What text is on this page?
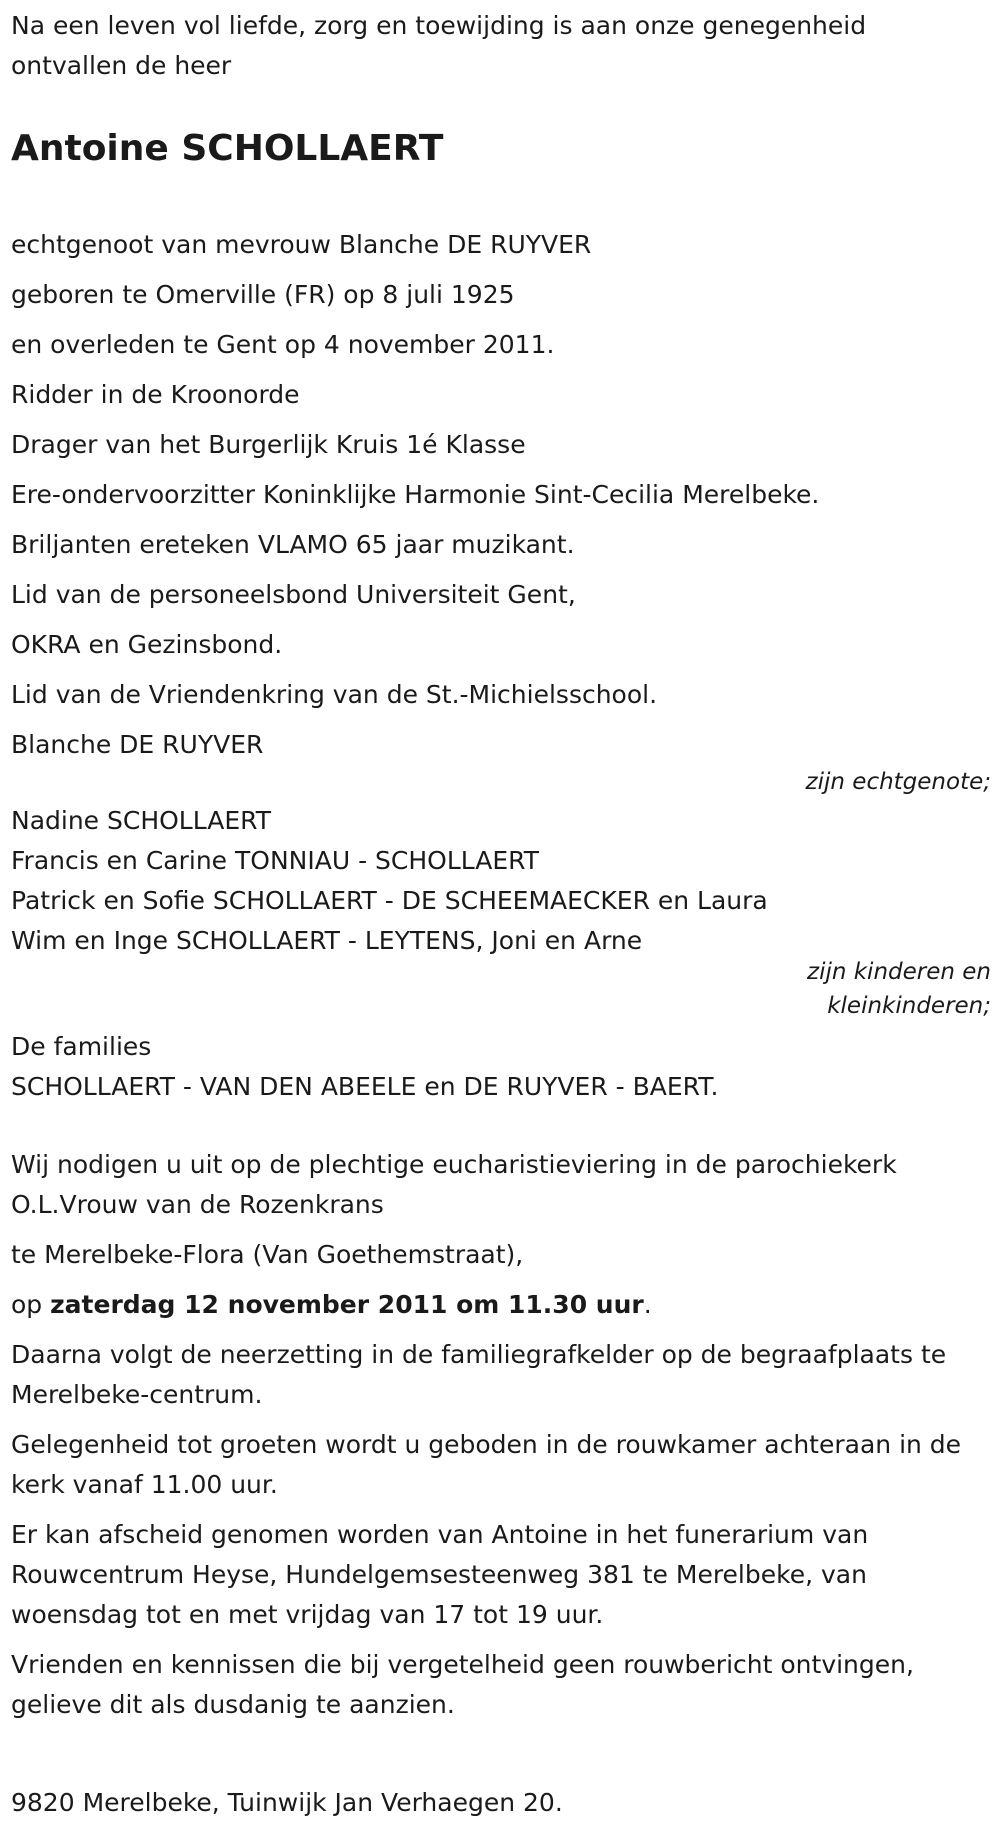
Na een leven vol liefde, zorg en toewijding is aan onze genegenheid ontvallen de heer

Antoine SCHOLLAERT

echtgenoot van mevrouw Blanche DE RUYVER

geboren te Omerville (FR) op 8 juli 1925

en overleden te Gent op 4 november 2011.

Ridder in de Kroonorde

Drager van het Burgerlijk Kruis 1é Klasse

Ere-ondervoorzitter Koninklijke Harmonie Sint-Cecilia Merelbeke.

Briljanten ereteken VLAMO 65 jaar muzikant.

Lid van de personeelsbond Universiteit Gent,

OKRA en Gezinsbond.

Lid van de Vriendenkring van de St.-Michielsschool.

Blanche DE RUYVER

zijn echtgenote;

Nadine SCHOLLAERT

Francis en Carine TONNIAU - SCHOLLAERT

Patrick en Sofie SCHOLLAERT - DE SCHEEMAECKER en Laura

Wim en Inge SCHOLLAERT - LEYTENS, Joni en Arne

zijn kinderen en

kleinkinderen;

De families

SCHOLLAERT - VAN DEN ABEELE en DE RUYVER - BAERT.

Wij nodigen u uit op de plechtige eucharistieviering in de parochiekerk O.L.Vrouw van de Rozenkrans

te Merelbeke-Flora (Van Goethemstraat),

op zaterdag 12 november 2011 om 11.30 uur.

Daarna volgt de neerzetting in de familiegrafkelder op de begraafplaats te Merelbeke-centrum.

Gelegenheid tot groeten wordt u geboden in de rouwkamer achteraan in de kerk vanaf 11.00 uur.

Er kan afscheid genomen worden van Antoine in het funerarium van Rouwcentrum Heyse, Hundelgemsesteenweg 381 te Merelbeke, van woensdag tot en met vrijdag van 17 tot 19 uur.

Vrienden en kennissen die bij vergetelheid geen rouwbericht ontvingen, gelieve dit als dusdanig te aanzien.

9820 Merelbeke, Tuinwijk Jan Verhaegen 20.
